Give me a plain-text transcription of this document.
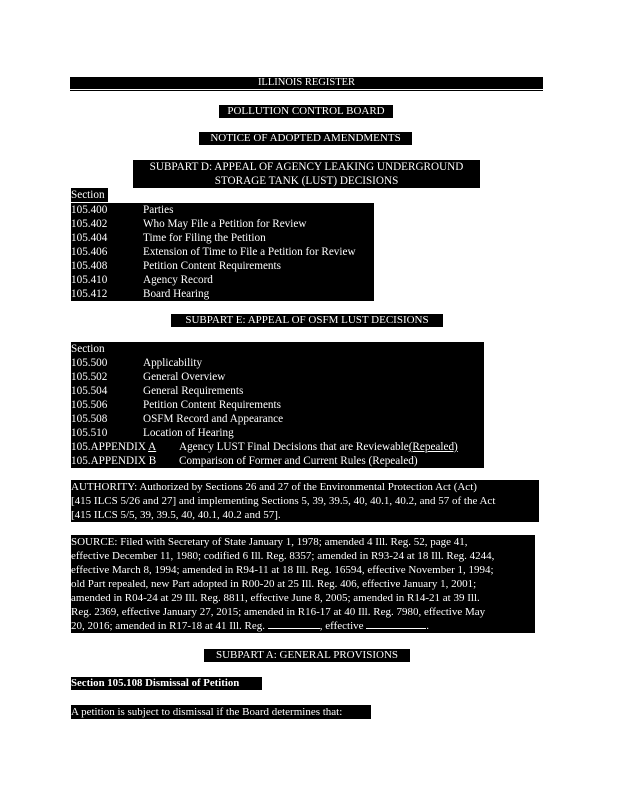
ILLINOIS REGISTER
POLLUTION CONTROL BOARD
NOTICE OF ADOPTED AMENDMENTS
SUBPART D: APPEAL OF AGENCY LEAKING UNDERGROUND
STORAGE TANK (LUST) DECISIONS
Section
105.400	Parties
105.402	Who May File a Petition for Review
105.404	Time for Filing the Petition
105.406	Extension of Time to File a Petition for Review
105.408	Petition Content Requirements
105.410	Agency Record
105.412	Board Hearing
SUBPART E: APPEAL OF OSFM LUST DECISIONS
Section
105.500	Applicability
105.502	General Overview
105.504	General Requirements
105.506	Petition Content Requirements
105.508	OSFM Record and Appearance
105.510	Location of Hearing
105.APPENDIX A	Agency LUST Final Decisions that are Reviewable (Repealed)
105.APPENDIX B	Comparison of Former and Current Rules (Repealed)
AUTHORITY: Authorized by Sections 26 and 27 of the Environmental Protection Act (Act)
[415 ILCS 5/26 and 27] and implementing Sections 5, 39, 39.5, 40, 40.1, 40.2, and 57 of the Act
[415 ILCS 5/5, 39, 39.5, 40, 40.1, 40.2 and 57].
SOURCE: Filed with Secretary of State January 1, 1978; amended 4 Ill. Reg. 52, page 41,
effective December 11, 1980; codified 6 Ill. Reg. 8357; amended in R93-24 at 18 Ill. Reg. 4244,
effective March 8, 1994; amended in R94-11 at 18 Ill. Reg. 16594, effective November 1, 1994;
old Part repealed, new Part adopted in R00-20 at 25 Ill. Reg. 406, effective January 1, 2001;
amended in R04-24 at 29 Ill. Reg. 8811, effective June 8, 2005; amended in R14-21 at 39 Ill.
Reg. 2369, effective January 27, 2015; amended in R16-17 at 40 Ill. Reg. 7980, effective May
20, 2016; amended in R17-18 at 41 Ill. Reg.	, effective	.
SUBPART A: GENERAL PROVISIONS
Section 105.108 Dismissal of Petition
A petition is subject to dismissal if the Board determines that:
